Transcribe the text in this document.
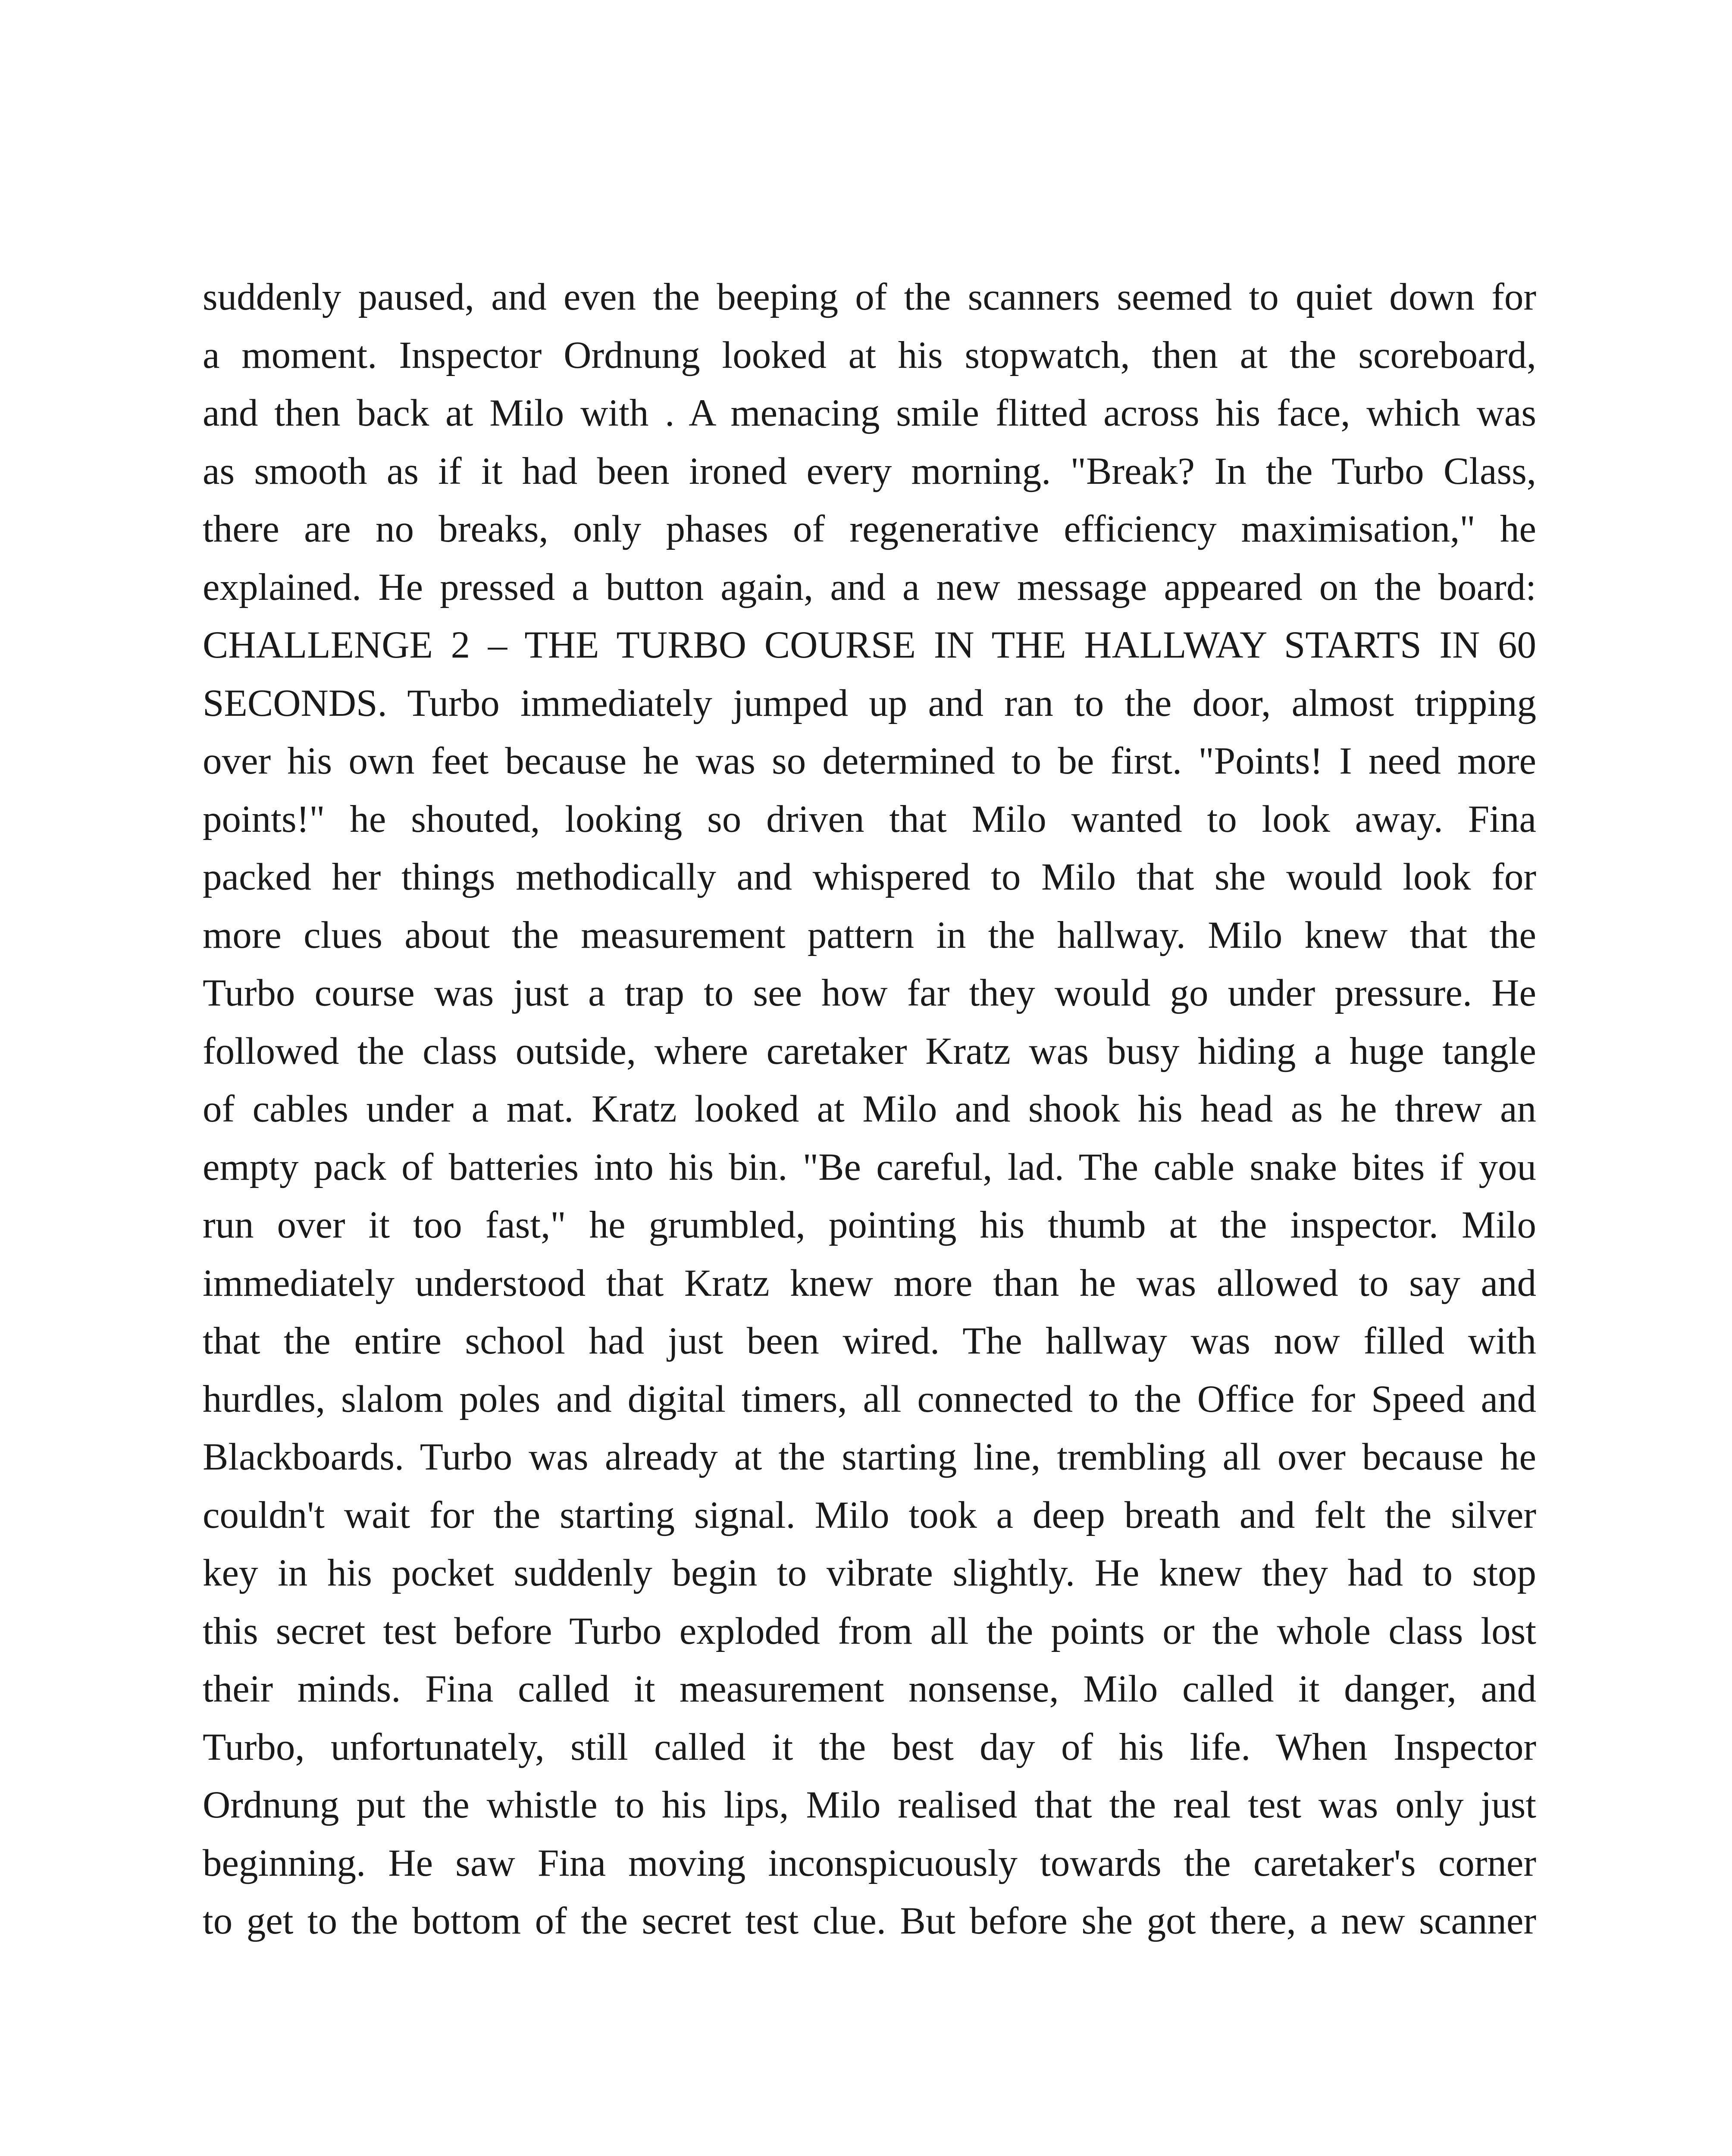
suddenly paused, and even the beeping of the scanners seemed to quiet down for
a moment. Inspector Ordnung looked at his stopwatch, then at the scoreboard,
and then back at Milo with . A menacing smile flitted across his face, which was
as smooth as if it had been ironed every morning. "Break? In the Turbo Class,
there are no breaks, only phases of regenerative efficiency maximisation," he
explained. He pressed a button again, and a new message appeared on the board:
CHALLENGE 2 – THE TURBO COURSE IN THE HALLWAY STARTS IN 60
SECONDS. Turbo immediately jumped up and ran to the door, almost tripping
over his own feet because he was so determined to be first. "Points! I need more
points!" he shouted, looking so driven that Milo wanted to look away. Fina
packed her things methodically and whispered to Milo that she would look for
more clues about the measurement pattern in the hallway. Milo knew that the
Turbo course was just a trap to see how far they would go under pressure. He
followed the class outside, where caretaker Kratz was busy hiding a huge tangle
of cables under a mat. Kratz looked at Milo and shook his head as he threw an
empty pack of batteries into his bin. "Be careful, lad. The cable snake bites if you
run over it too fast," he grumbled, pointing his thumb at the inspector. Milo
immediately understood that Kratz knew more than he was allowed to say and
that the entire school had just been wired. The hallway was now filled with
hurdles, slalom poles and digital timers, all connected to the Office for Speed and
Blackboards. Turbo was already at the starting line, trembling all over because he
couldn't wait for the starting signal. Milo took a deep breath and felt the silver
key in his pocket suddenly begin to vibrate slightly. He knew they had to stop
this secret test before Turbo exploded from all the points or the whole class lost
their minds. Fina called it measurement nonsense, Milo called it danger, and
Turbo, unfortunately, still called it the best day of his life. When Inspector
Ordnung put the whistle to his lips, Milo realised that the real test was only just
beginning. He saw Fina moving inconspicuously towards the caretaker's corner
to get to the bottom of the secret test clue. But before she got there, a new scanner
